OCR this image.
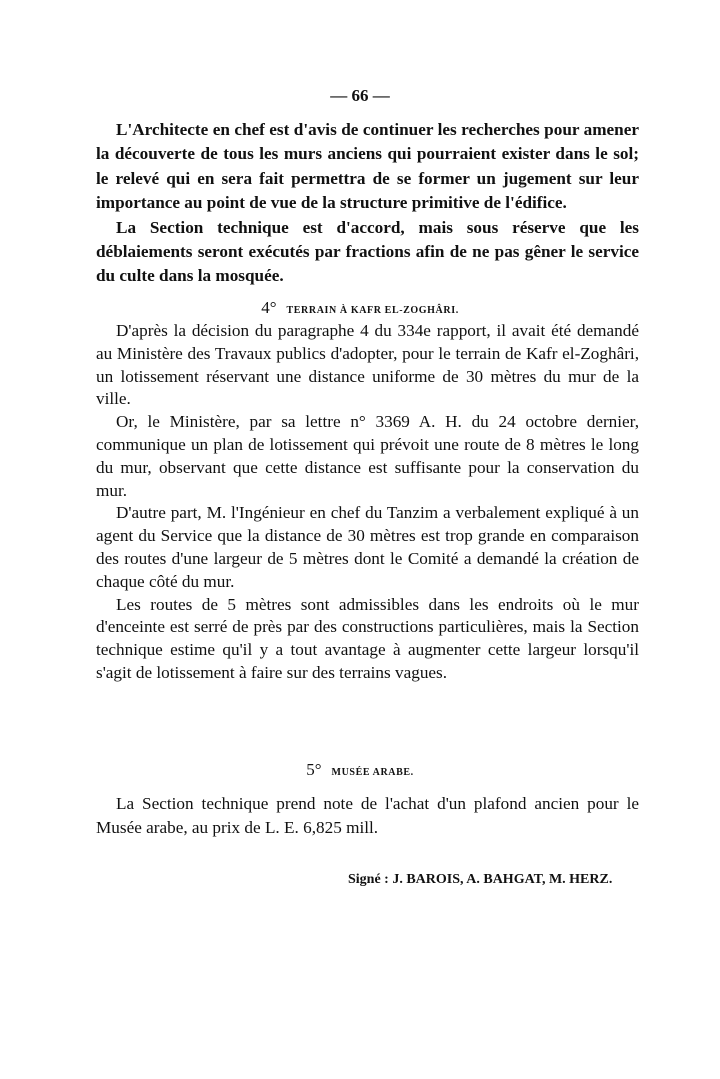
— 66 —

L'Architecte en chef est d'avis de continuer les recherches pour amener la découverte de tous les murs anciens qui pourraient exister dans le sol; le relevé qui en sera fait permettra de se former un jugement sur leur importance au point de vue de la structure primitive de l'édifice.

La Section technique est d'accord, mais sous réserve que les déblaiements seront exécutés par fractions afin de ne pas gêner le service du culte dans la mosquée.

4° TERRAIN À KAFR EL-ZOGHÂRI.

D'après la décision du paragraphe 4 du 334e rapport, il avait été demandé au Ministère des Travaux publics d'adopter, pour le terrain de Kafr el-Zoghâri, un lotissement réservant une distance uniforme de 30 mètres du mur de la ville.

Or, le Ministère, par sa lettre n° 3369 A. H. du 24 octobre dernier, communique un plan de lotissement qui prévoit une route de 8 mètres le long du mur, observant que cette distance est suffisante pour la conservation du mur.

D'autre part, M. l'Ingénieur en chef du Tanzim a verbalement expliqué à un agent du Service que la distance de 30 mètres est trop grande en comparaison des routes d'une largeur de 5 mètres dont le Comité a demandé la création de chaque côté du mur.

Les routes de 5 mètres sont admissibles dans les endroits où le mur d'enceinte est serré de près par des constructions particulières, mais la Section technique estime qu'il y a tout avantage à augmenter cette largeur lorsqu'il s'agit de lotissement à faire sur des terrains vagues.

5° MUSÉE ARABE.

La Section technique prend note de l'achat d'un plafond ancien pour le Musée arabe, au prix de L. E. 6,825 mill.

Signé : J. BAROIS, A. BAHGAT, M. HERZ.
